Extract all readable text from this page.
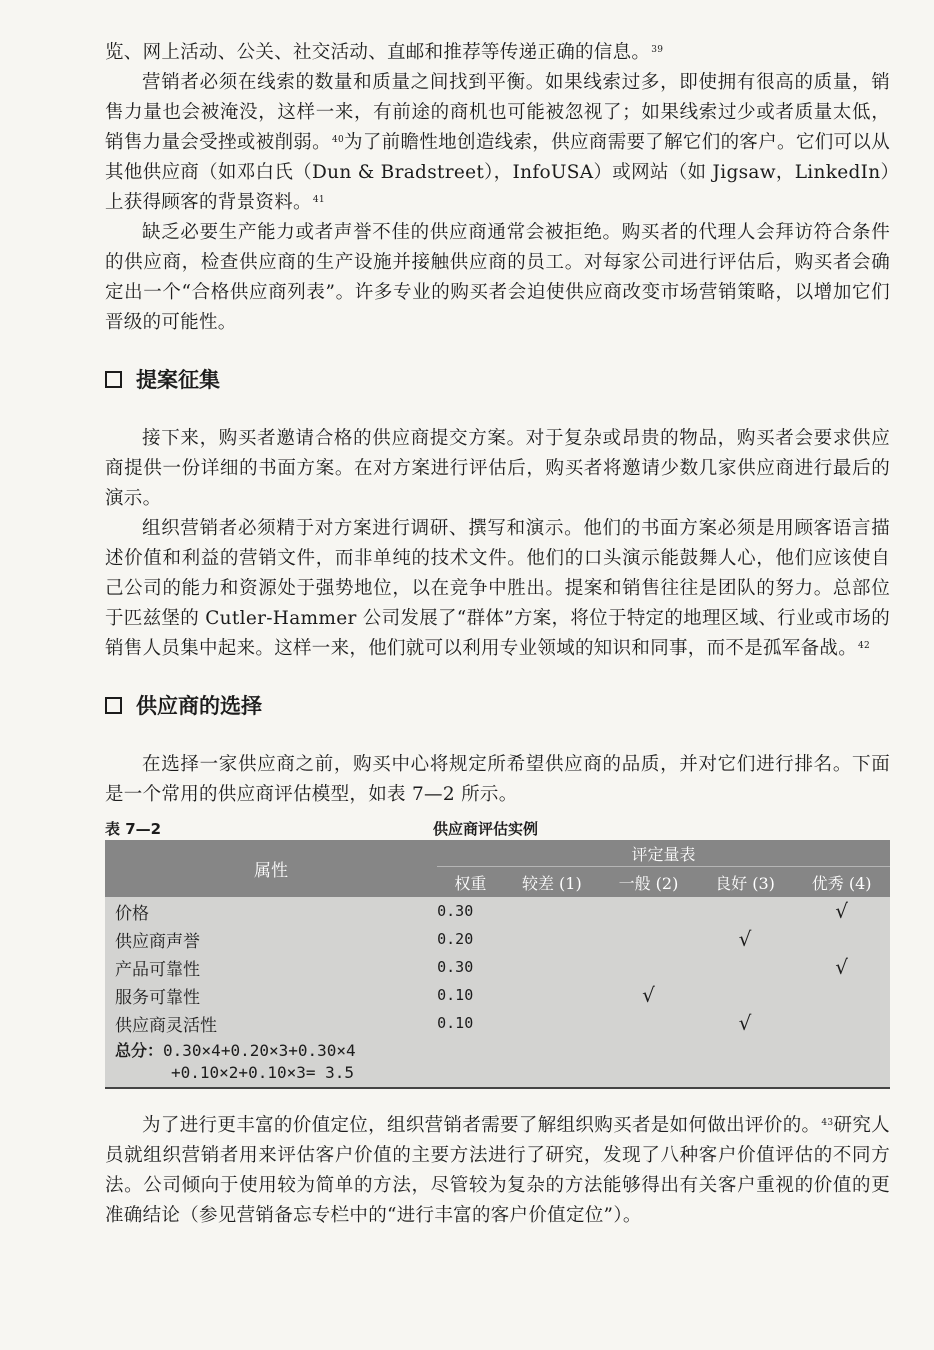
览、网上活动、公关、社交活动、直邮和推荐等传递正确的信息。$^{39}$

营销者必须在线索的数量和质量之间找到平衡。如果线索过多，即使拥有很高的质量，销售力量也会被淹没，这样一来，有前途的商机也可能被忽视了；如果线索过少或者质量太低，销售力量会受挫或被削弱。$^{40}$为了前瞻性地创造线索，供应商需要了解它们的客户。它们可以从其他供应商（如邓白氏（Dun & Bradstreet），InfoUSA）或网站（如 Jigsaw，LinkedIn）上获得顾客的背景资料。$^{41}$

缺乏必要生产能力或者声誉不佳的供应商通常会被拒绝。购买者的代理人会拜访符合条件的供应商，检查供应商的生产设施并接触供应商的员工。对每家公司进行评估后，购买者会确定出一个“合格供应商列表”。许多专业的购买者会迫使供应商改变市场营销策略，以增加它们晋级的可能性。

提案征集

接下来，购买者邀请合格的供应商提交方案。对于复杂或昂贵的物品，购买者会要求供应商提供一份详细的书面方案。在对方案进行评估后，购买者将邀请少数几家供应商进行最后的演示。

组织营销者必须精于对方案进行调研、撰写和演示。他们的书面方案必须是用顾客语言描述价值和利益的营销文件，而非单纯的技术文件。他们的口头演示能鼓舞人心，他们应该使自己公司的能力和资源处于强势地位，以在竞争中胜出。提案和销售往往是团队的努力。总部位于匹兹堡的 Cutler-Hammer 公司发展了“群体”方案，将位于特定的地理区域、行业或市场的销售人员集中起来。这样一来，他们就可以利用专业领域的知识和同事，而不是孤军备战。$^{42}$

供应商的选择

在选择一家供应商之前，购买中心将规定所希望供应商的品质，并对它们进行排名。下面是一个常用的供应商评估模型，如表 7—2 所示。

表 7—2	供应商评估实例
属性	评定量表				
	权重	较差 (1)	一般 (2)	良好 (3)	优秀 (4)
价格	0.30				√
供应商声誉	0.20			√	
产品可靠性	0.30				√
服务可靠性	0.10		√		
供应商灵活性	0.10			√	

总分：0.30×4+0.20×3+0.30×4
+0.10×2+0.10×3= 3.5					

为了进行更丰富的价值定位，组织营销者需要了解组织购买者是如何做出评价的。$^{43}$研究人员就组织营销者用来评估客户价值的主要方法进行了研究，发现了八种客户价值评估的不同方法。公司倾向于使用较为简单的方法，尽管较为复杂的方法能够得出有关客户重视的价值的更准确结论（参见营销备忘专栏中的“进行丰富的客户价值定位”）。
